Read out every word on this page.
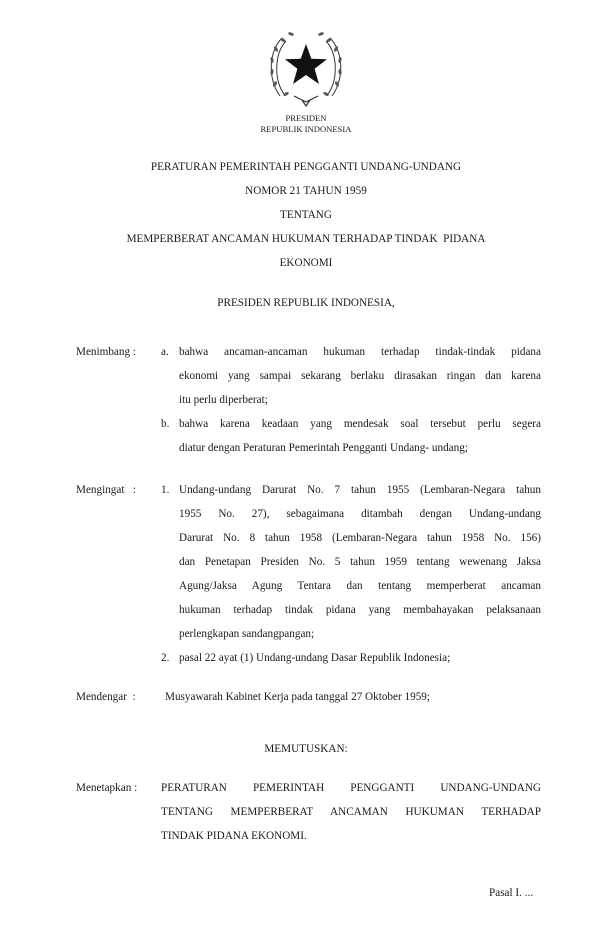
PRESIDEN
REPUBLIK INDONESIA
PERATURAN PEMERINTAH PENGGANTI UNDANG-UNDANG
NOMOR 21 TAHUN 1959
TENTANG
MEMPERBERAT ANCAMAN HUKUMAN TERHADAP TINDAK  PIDANA
EKONOMI
PRESIDEN REPUBLIK INDONESIA,
Menimbang : a. bahwa ancaman-ancaman hukuman terhadap tindak-tindak pidana
ekonomi yang sampai sekarang berlaku dirasakan ringan dan karena
itu perlu diperberat;
b. bahwa karena keadaan yang mendesak soal tersebut perlu segera
diatur dengan Peraturan Pemerintah Pengganti Undang- undang;
Mengingat   : 1. Undang-undang Darurat No. 7 tahun 1955 (Lembaran-Negara tahun
1955 No. 27), sebagaimana ditambah dengan Undang-undang
Darurat No. 8 tahun 1958 (Lembaran-Negara tahun 1958 No. 156)
dan Penetapan Presiden No. 5 tahun 1959 tentang wewenang Jaksa
Agung/Jaksa Agung Tentara dan tentang memperberat ancaman
hukuman terhadap tindak pidana yang membahayakan pelaksanaan
perlengkapan sandangpangan;
2. pasal 22 ayat (1) Undang-undang Dasar Republik Indonesia;
Mendengar  :	Musyawarah Kabinet Kerja pada tanggal 27 Oktober 1959;
MEMUTUSKAN:
Menetapkan : PERATURAN PEMERINTAH PENGGANTI UNDANG-UNDANG
TENTANG MEMPERBERAT ANCAMAN HUKUMAN TERHADAP
TINDAK PIDANA EKONOMI.
Pasal I. ...
